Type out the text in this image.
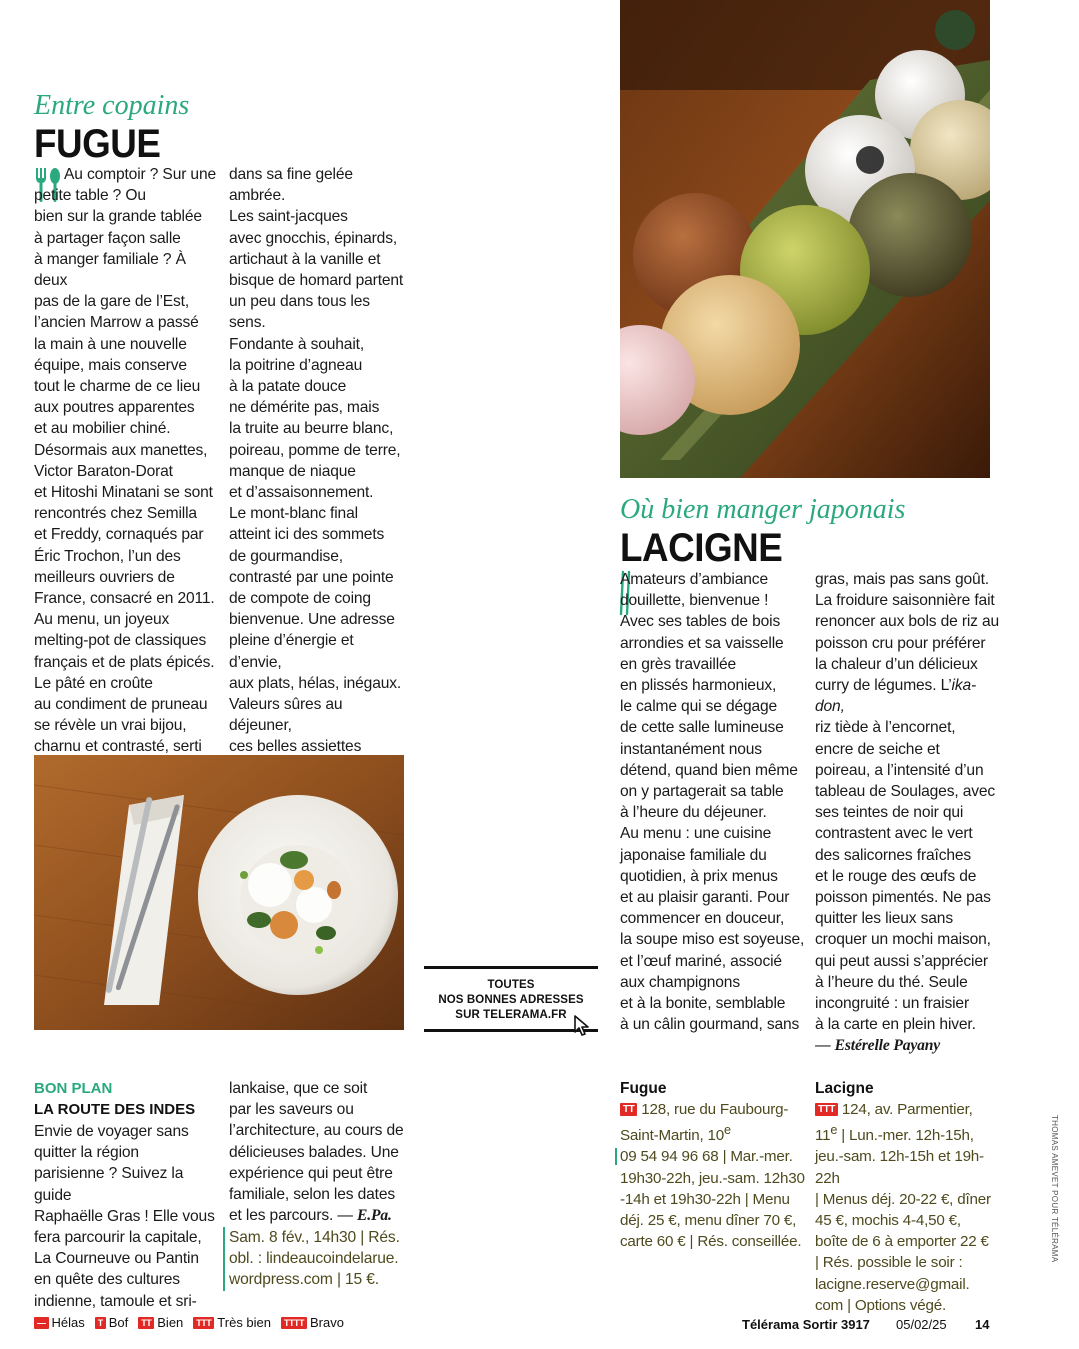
Entre copains
FUGUE
Au comptoir ? Sur une
petite table ? Ou
bien sur la grande tablée
à partager façon salle
à manger familiale ? À deux
pas de la gare de l’Est,
l’ancien Marrow a passé
la main à une nouvelle
équipe, mais conserve
tout le charme de ce lieu
aux poutres apparentes
et au mobilier chiné.
Désormais aux manettes,
Victor Baraton-Dorat
et Hitoshi Minatani se sont
rencontrés chez Semilla
et Freddy, cornaqués par
Éric Trochon, l’un des
meilleurs ouvriers de
France, consacré en 2011.
Au menu, un joyeux
melting-pot de classiques
français et de plats épicés.
Le pâté en croûte
au condiment de pruneau
se révèle un vrai bijou,
charnu et contrasté, serti
dans sa fine gelée ambrée.
Les saint-jacques
avec gnocchis, épinards,
artichaut à la vanille et
bisque de homard partent
un peu dans tous les sens.
Fondante à souhait,
la poitrine d’agneau
à la patate douce
ne démérite pas, mais
la truite au beurre blanc,
poireau, pomme de terre,
manque de niaque
et d’assaisonnement.
Le mont-blanc final
atteint ici des sommets
de gourmandise,
contrasté par une pointe
de compote de coing
bienvenue. Une adresse
pleine d’énergie et d’envie,
aux plats, hélas, inégaux.
Valeurs sûres au déjeuner,
ces belles assiettes

TOUTES
NOS BONNES ADRESSES
SUR TELERAMA.FR
Où bien manger japonais
LACIGNE
Amateurs d’ambiance
douillette, bienvenue !
Avec ses tables de bois
arrondies et sa vaisselle
en grès travaillée
en plissés harmonieux,
le calme qui se dégage
de cette salle lumineuse
instantanément nous
détend, quand bien même
on y partagerait sa table
à l’heure du déjeuner.
Au menu : une cuisine
japonaise familiale du
quotidien, à prix menus
et au plaisir garanti. Pour
commencer en douceur,
la soupe miso est soyeuse,
et l’œuf mariné, associé
aux champignons
et à la bonite, semblable
à un câlin gourmand, sans
gras, mais pas sans goût.
La froidure saisonnière fait
renoncer aux bols de riz au
poisson cru pour préférer
la chaleur d’un délicieux
curry de légumes. L’ika-don,
riz tiède à l’encornet,
encre de seiche et
poireau, a l’intensité d’un
tableau de Soulages, avec
ses teintes de noir qui
contrastent avec le vert
des salicornes fraîches
et le rouge des œufs de
poisson pimentés. Ne pas
quitter les lieux sans
croquer un mochi maison,
qui peut aussi s’apprécier
à l’heure du thé. Seule
incongruité : un fraisier
à la carte en plein hiver.
— Estérelle Payany
BON PLAN
LA ROUTE DES INDES
Envie de voyager sans
quitter la région
parisienne ? Suivez la guide
Raphaëlle Gras ! Elle vous
fera parcourir la capitale,
La Courneuve ou Pantin
en quête des cultures
indienne, tamoule et sri-
lankaise, que ce soit
par les saveurs ou
l’architecture, au cours de
délicieuses balades. Une
expérience qui peut être
familiale, selon les dates
et les parcours. — E.Pa.
Sam. 8 fév., 14h30 | Rés.
obl. : lindeaucoindelarue.
wordpress.com | 15 €.
Fugue
TT 128, rue du Faubourg-
Saint-Martin, 10e
09 54 94 96 68 | Mar.-mer.
19h30-22h, jeu.-sam. 12h30
-14h et 19h30-22h | Menu
déj. 25 €, menu dîner 70 €,
carte 60 € | Rés. conseillée.
Lacigne
TTT 124, av. Parmentier,
11e | Lun.-mer. 12h-15h,
jeu.-sam. 12h-15h et 19h-22h
| Menus déj. 20-22 €, dîner
45 €, mochis 4-4,50 €,
boîte de 6 à emporter 22 €
| Rés. possible le soir :
lacigne.reserve@gmail.
com | Options végé.
— Hélas	T Bof	TT Bien	TTT Très bien	TTTT Bravo	Télérama Sortir 3917 05/02/25 14
THOMAS AMEVET POUR TÉLÉRAMA
